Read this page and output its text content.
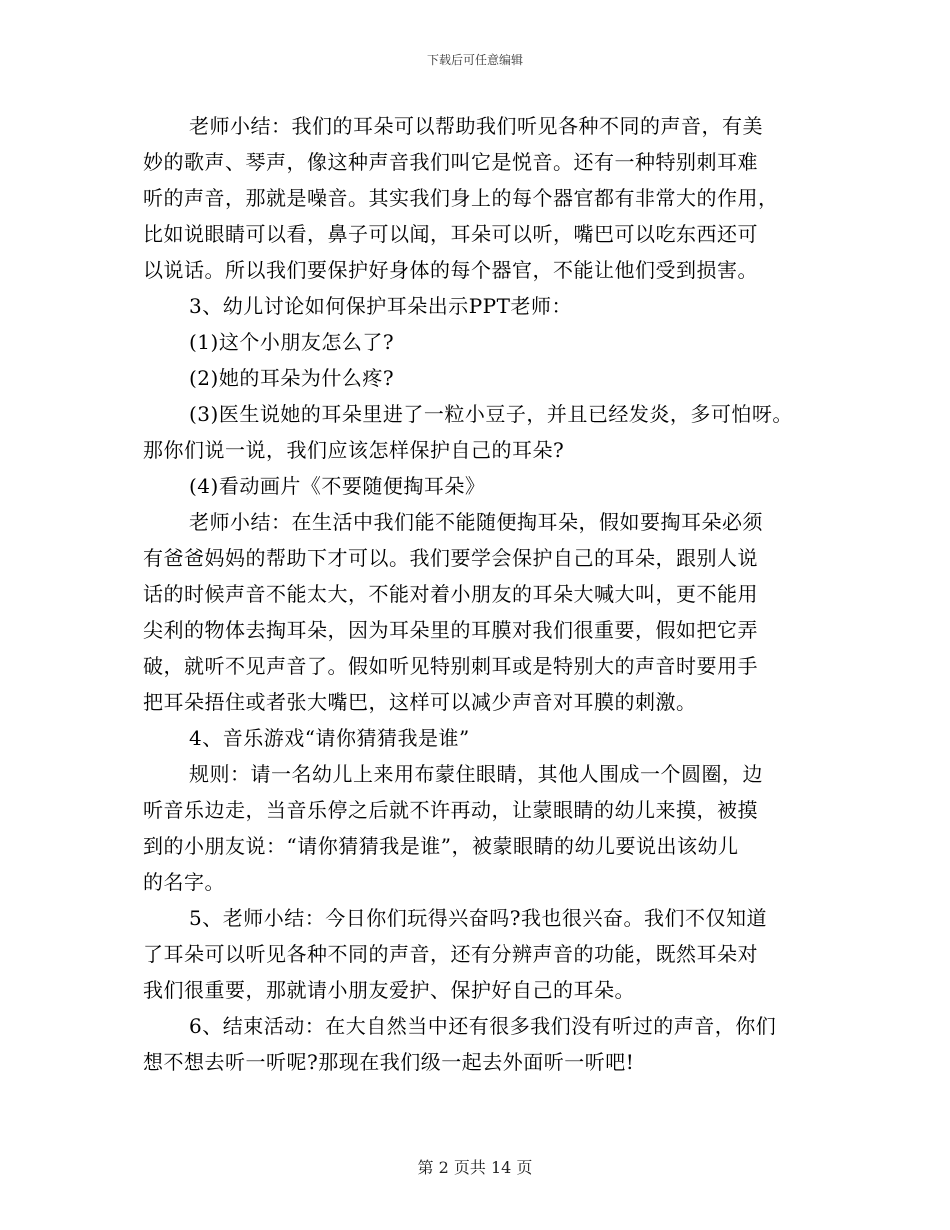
下载后可任意编辑
老师小结：我们的耳朵可以帮助我们听见各种不同的声音，有美
妙的歌声、琴声，像这种声音我们叫它是悦音。还有一种特别刺耳难
听的声音，那就是噪音。其实我们身上的每个器官都有非常大的作用，
比如说眼睛可以看，鼻子可以闻，耳朵可以听，嘴巴可以吃东西还可
以说话。所以我们要保护好身体的每个器官，不能让他们受到损害。
3、幼儿讨论如何保护耳朵出示PPT老师：
(1)这个小朋友怎么了?
(2)她的耳朵为什么疼?
(3)医生说她的耳朵里进了一粒小豆子，并且已经发炎，多可怕呀。
那你们说一说，我们应该怎样保护自己的耳朵?
(4)看动画片《不要随便掏耳朵》
老师小结：在生活中我们能不能随便掏耳朵，假如要掏耳朵必须
有爸爸妈妈的帮助下才可以。我们要学会保护自己的耳朵，跟别人说
话的时候声音不能太大，不能对着小朋友的耳朵大喊大叫，更不能用
尖利的物体去掏耳朵，因为耳朵里的耳膜对我们很重要，假如把它弄
破，就听不见声音了。假如听见特别刺耳或是特别大的声音时要用手
把耳朵捂住或者张大嘴巴，这样可以减少声音对耳膜的刺激。
4、音乐游戏“请你猜猜我是谁”
规则：请一名幼儿上来用布蒙住眼睛，其他人围成一个圆圈，边
听音乐边走，当音乐停之后就不许再动，让蒙眼睛的幼儿来摸，被摸
到的小朋友说：“请你猜猜我是谁”，被蒙眼睛的幼儿要说出该幼儿
的名字。
5、老师小结：今日你们玩得兴奋吗?我也很兴奋。我们不仅知道
了耳朵可以听见各种不同的声音，还有分辨声音的功能，既然耳朵对
我们很重要，那就请小朋友爱护、保护好自己的耳朵。
6、结束活动：在大自然当中还有很多我们没有听过的声音，你们
想不想去听一听呢?那现在我们级一起去外面听一听吧!
第 2 页共 14 页
